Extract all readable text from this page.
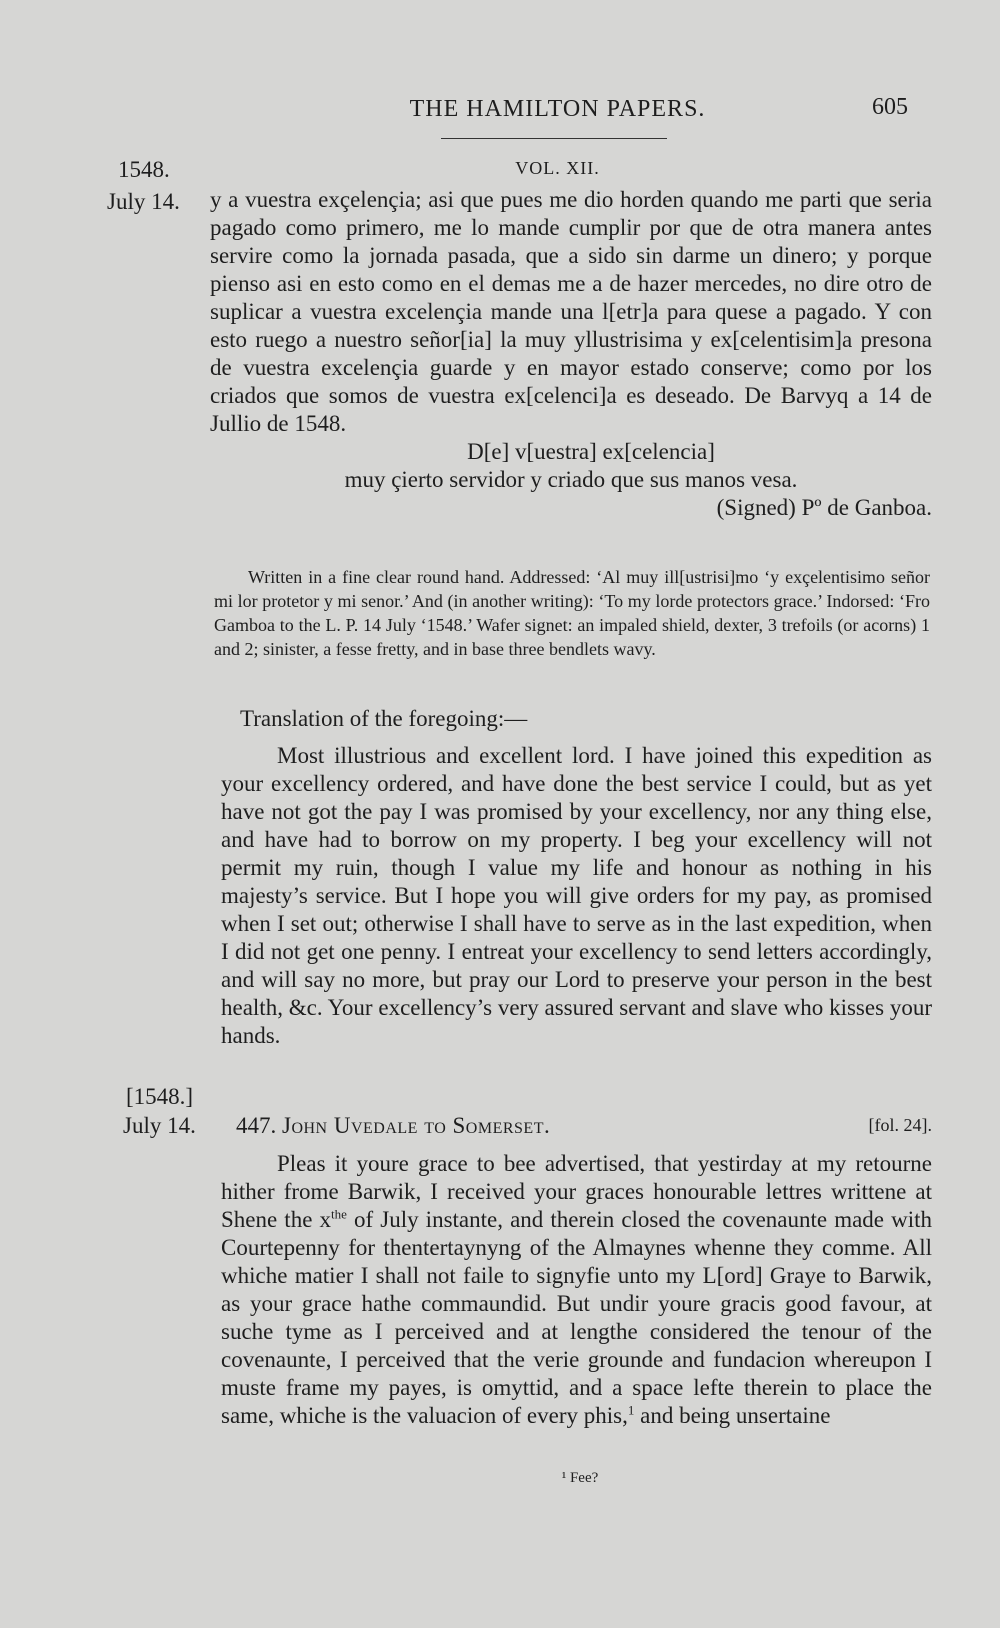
THE HAMILTON PAPERS.	605
1548.	VOL. XII.
July 14. y a vuestra exçelençia; asi que pues me dio horden quando me parti que seria pagado como primero, me lo mande cumplir por que de otra manera antes servire como la jornada pasada, que a sido sin darme un dinero; y porque pienso asi en esto como en el demas me a de hazer mercedes, no dire otro de suplicar a vuestra excelençia mande una l[etr]a para quese a pagado. Y con esto ruego a nuestro señor[ia] la muy yllustrisima y ex[celentisim]a presona de vuestra excelençia guarde y en mayor estado conserve; como por los criados que somos de vuestra ex[celenci]a es deseado. De Barvyq a 14 de Jullio de 1548.

D[e] v[uestra] ex[celencia]

muy çierto servidor y criado que sus manos vesa.

(Signed) Pº de Ganboa.

Written in a fine clear round hand. Addressed: ‘Al muy ill[ustrisi]mo ‘y exçelentisimo señor mi lor protetor y mi senor.’ And (in another writing): ‘To my lorde protectors grace.’ Indorsed: ‘Fro Gamboa to the L. P. 14 July ‘1548.’ Wafer signet: an impaled shield, dexter, 3 trefoils (or acorns) 1 and 2; sinister, a fesse fretty, and in base three bendlets wavy.

Translation of the foregoing:—

Most illustrious and excellent lord. I have joined this expedition as your excellency ordered, and have done the best service I could, but as yet have not got the pay I was promised by your excellency, nor any thing else, and have had to borrow on my property. I beg your excellency will not permit my ruin, though I value my life and honour as nothing in his majesty’s service. But I hope you will give orders for my pay, as promised when I set out; otherwise I shall have to serve as in the last expedition, when I did not get one penny. I entreat your excellency to send letters accordingly, and will say no more, but pray our Lord to preserve your person in the best health, &c. Your excellency’s very assured servant and slave who kisses your hands.

[1548.]
July 14. 447. John Uvedale to Somerset.	[fol. 24].

Pleas it youre grace to bee advertised, that yestirday at my retourne hither frome Barwik, I received your graces honourable lettres writtene at Shene the x$^{the}$ of July instante, and therein closed the covenaunte made with Courtepenny for thentertaynyng of the Almaynes whenne they comme. All whiche matier I shall not faile to signyfie unto my L[ord] Graye to Barwik, as your grace hathe commaundid. But undir youre gracis good favour, at suche tyme as I perceived and at lengthe considered the tenour of the covenaunte, I perceived that the verie grounde and fundacion whereupon I muste frame my payes, is omyttid, and a space lefte therein to place the same, whiche is the valuacion of every phis,$^1$ and being unsertaine

¹ Fee?
